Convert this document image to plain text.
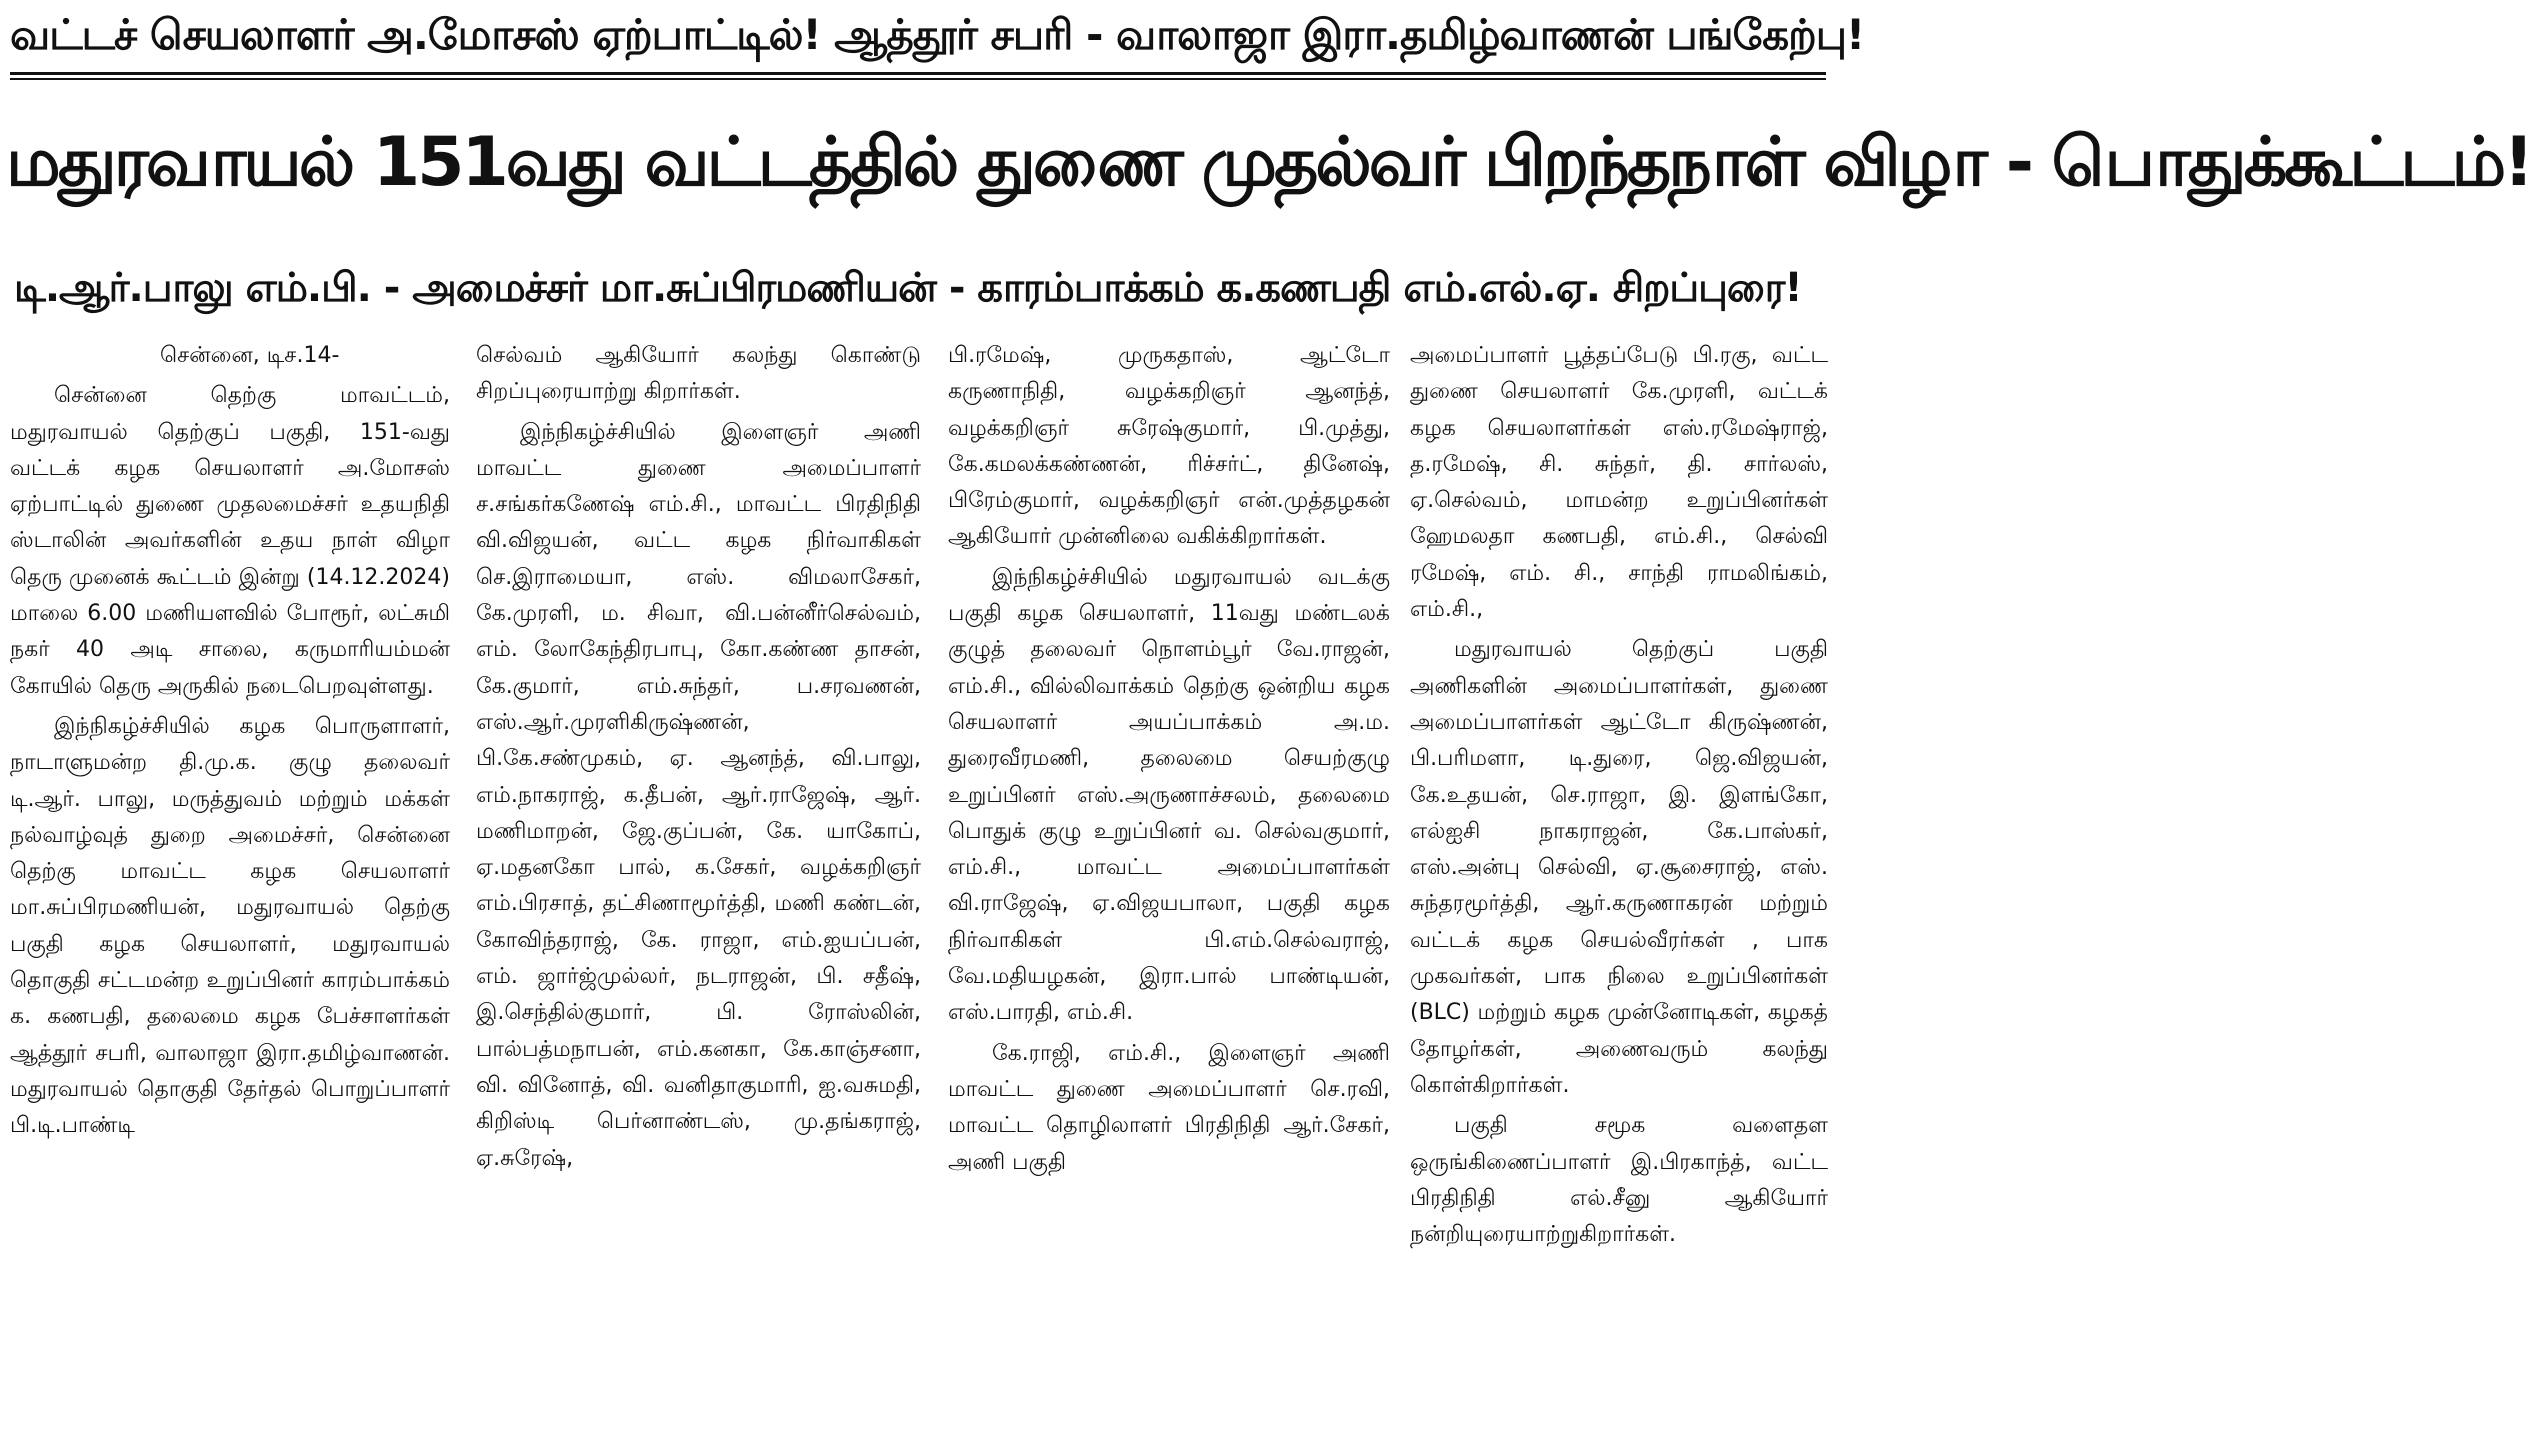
வட்டச் செயலாளர் அ.மோசஸ் ஏற்பாட்டில்! ஆத்தூர் சபரி - வாலாஜா இரா.தமிழ்வாணன் பங்கேற்பு!
மதுரவாயல் 151வது வட்டத்தில் துணை முதல்வர் பிறந்தநாள் விழா - பொதுக்கூட்டம்!
டி.ஆர்.பாலு எம்.பி. - அமைச்சர் மா.சுப்பிரமணியன் - காரம்பாக்கம் க.கணபதி எம்.எல்.ஏ. சிறப்புரை!

சென்னை, டிச.14-

சென்னை தெற்கு மாவட்டம், மதுரவாயல் தெற்குப் பகுதி, 151-வது வட்டக் கழக செயலாளர் அ.மோசஸ் ஏற்பாட்டில் துணை முதலமைச்சர் உதயநிதி ஸ்டாலின் அவர்களின் உதய நாள் விழா தெரு முனைக் கூட்டம் இன்று (14.12.2024) மாலை 6.00 மணியளவில் போரூர், லட்சுமி நகர் 40 அடி சாலை, கருமாரியம்மன் கோயில் தெரு அருகில் நடைபெறவுள்ளது.

இந்நிகழ்ச்சியில் கழக பொருளாளர், நாடாளுமன்ற தி.மு.க. குழு தலைவர் டி.ஆர். பாலு, மருத்துவம் மற்றும் மக்கள் நல்வாழ்வுத் துறை அமைச்சர், சென்னை தெற்கு மாவட்ட கழக செயலாளர் மா.சுப்பிரமணியன், மதுரவாயல் தெற்கு பகுதி கழக செயலாளர், மதுரவாயல் தொகுதி சட்டமன்ற உறுப்பினர் காரம்பாக்கம் க. கணபதி, தலைமை கழக பேச்சாளர்கள் ஆத்தூர் சபரி, வாலாஜா இரா.தமிழ்வாணன். மதுரவாயல் தொகுதி தேர்தல் பொறுப்பாளர் பி.டி.பாண்டி

செல்வம் ஆகியோர் கலந்து கொண்டு சிறப்புரையாற்று கிறார்கள்.

இந்நிகழ்ச்சியில் இளைஞர் அணி மாவட்ட துணை அமைப்பாளர் ச.சங்கர்கணேஷ் எம்.சி., மாவட்ட பிரதிநிதி வி.விஜயன், வட்ட கழக நிர்வாகிகள் செ.இராமையா, எஸ். விமலாசேகர், கே.முரளி, ம. சிவா, வி.பன்னீர்செல்வம், எம். லோகேந்திரபாபு, கோ.கண்ண தாசன், கே.குமார், எம்.சுந்தர், ப.சரவணன், எஸ்.ஆர்.முரளிகிருஷ்ணன், பி.கே.சண்முகம், ஏ. ஆனந்த், வி.பாலு, எம்.நாகராஜ், க.தீபன், ஆர்.ராஜேஷ், ஆர். மணிமாறன், ஜே.குப்பன், கே. யாகோப், ஏ.மதனகோ பால், க.சேகர், வழக்கறிஞர் எம்.பிரசாத், தட்சிணாமூர்த்தி, மணி கண்டன், கோவிந்தராஜ், கே. ராஜா, எம்.ஐயப்பன், எம். ஜார்ஜ்முல்லர், நடராஜன், பி. சதீஷ், இ.செந்தில்குமார், பி. ரோஸ்லின், பால்பத்மநாபன், எம்.கனகா, கே.காஞ்சனா, வி. வினோத், வி. வனிதாகுமாரி, ஐ.வசுமதி, கிறிஸ்டி பெர்னாண்டஸ், மு.தங்கராஜ், ஏ.சுரேஷ்,

பி.ரமேஷ், முருகதாஸ், ஆட்டோ கருணாநிதி, வழக்கறிஞர் ஆனந்த், வழக்கறிஞர் சுரேஷ்குமார், பி.முத்து, கே.கமலக்கண்ணன், ரிச்சர்ட், தினேஷ், பிரேம்குமார், வழக்கறிஞர் என்.முத்தழகன் ஆகியோர் முன்னிலை வகிக்கிறார்கள்.

இந்நிகழ்ச்சியில் மதுரவாயல் வடக்கு பகுதி கழக செயலாளர், 11வது மண்டலக் குழுத் தலைவர் நொளம்பூர் வே.ராஜன், எம்.சி., வில்லிவாக்கம் தெற்கு ஒன்றிய கழக செயலாளர் அயப்பாக்கம் அ.ம. துரைவீரமணி, தலைமை செயற்குழு உறுப்பினர் எஸ்.அருணாச்சலம், தலைமை பொதுக் குழு உறுப்பினர் வ. செல்வகுமார், எம்.சி., மாவட்ட அமைப்பாளர்கள் வி.ராஜேஷ், ஏ.விஜயபாலா, பகுதி கழக நிர்வாகிகள் பி.எம்.செல்வராஜ், வே.மதியழகன், இரா.பால் பாண்டியன், எஸ்.பாரதி, எம்.சி.

கே.ராஜி, எம்.சி., இளைஞர் அணி மாவட்ட துணை அமைப்பாளர் செ.ரவி, மாவட்ட தொழிலாளர் பிரதிநிதி ஆர்.சேகர், அணி பகுதி

அமைப்பாளர் பூத்தப்பேடு பி.ரகு, வட்ட துணை செயலாளர் கே.முரளி, வட்டக் கழக செயலாளர்கள் எஸ்.ரமேஷ்ராஜ், த.ரமேஷ், சி. சுந்தர், தி. சார்லஸ், ஏ.செல்வம், மாமன்ற உறுப்பினர்கள் ஹேமலதா கணபதி, எம்.சி., செல்வி ரமேஷ், எம். சி., சாந்தி ராமலிங்கம், எம்.சி.,

மதுரவாயல் தெற்குப் பகுதி அணிகளின் அமைப்பாளர்கள், துணை அமைப்பாளர்கள் ஆட்டோ கிருஷ்ணன், பி.பரிமளா, டி.துரை, ஜெ.விஜயன், கே.உதயன், செ.ராஜா, இ. இளங்கோ, எல்ஐசி நாகராஜன், கே.பாஸ்கர், எஸ்.அன்பு செல்வி, ஏ.சூசைராஜ், எஸ். சுந்தரமூர்த்தி, ஆர்.கருணாகரன் மற்றும் வட்டக் கழக செயல்வீரர்கள் , பாக முகவர்கள், பாக நிலை உறுப்பினர்கள் (BLC) மற்றும் கழக முன்னோடிகள், கழகத் தோழர்கள், அணைவரும் கலந்து கொள்கிறார்கள்.

பகுதி சமூக வளைதள ஒருங்கிணைப்பாளர் இ.பிரகாந்த், வட்ட பிரதிநிதி எல்.சீனு ஆகியோர் நன்றியுரையாற்றுகிறார்கள்.
